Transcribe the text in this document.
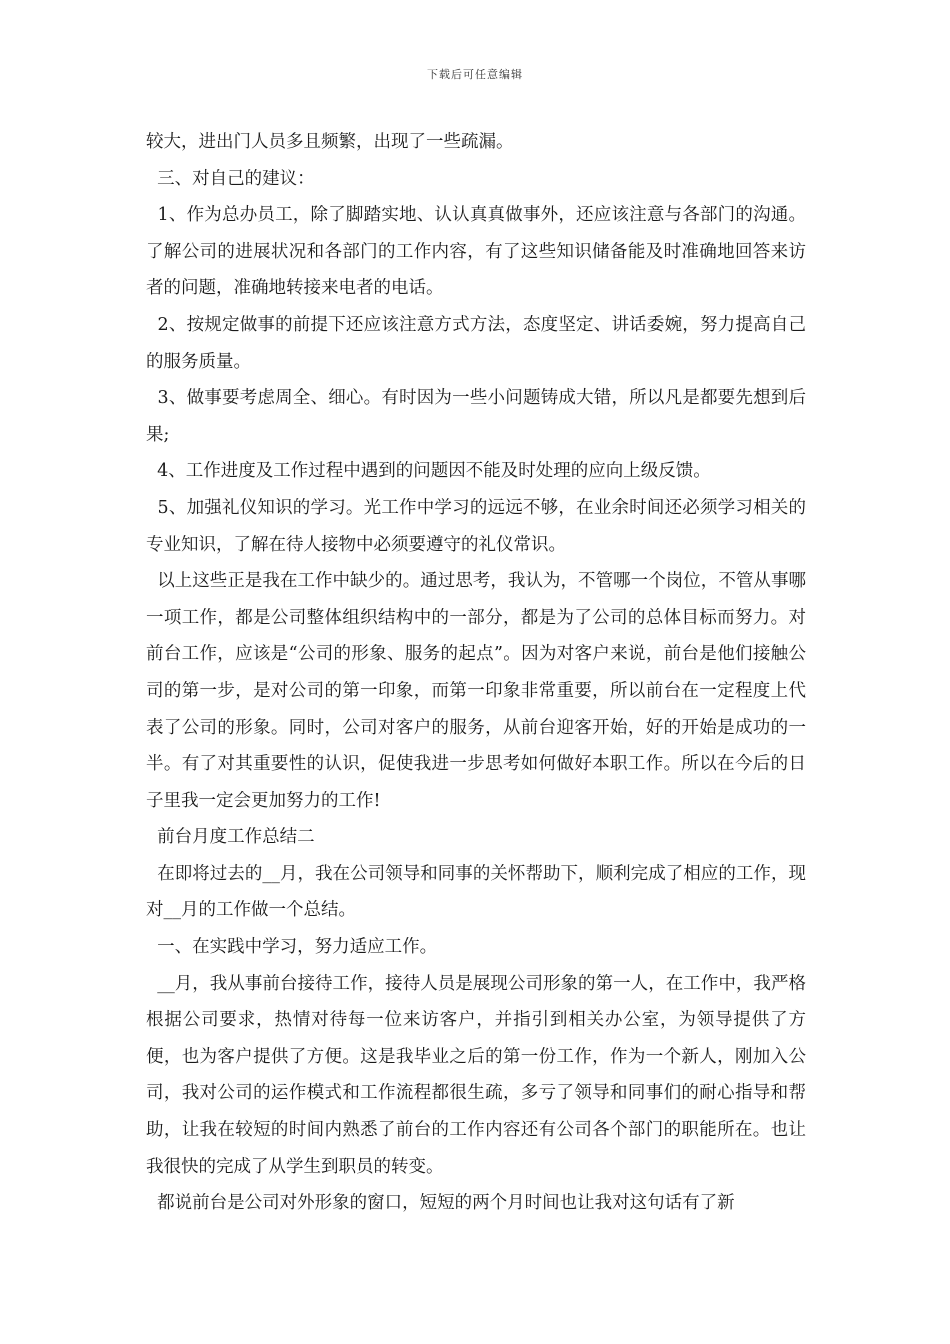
下载后可任意编辑

较大，进出门人员多且频繁，出现了一些疏漏。

三、对自己的建议：

1、作为总办员工，除了脚踏实地、认认真真做事外，还应该注意与各部门的沟通。了解公司的进展状况和各部门的工作内容，有了这些知识储备能及时准确地回答来访者的问题，准确地转接来电者的电话。

2、按规定做事的前提下还应该注意方式方法，态度坚定、讲话委婉，努力提高自己的服务质量。

3、做事要考虑周全、细心。有时因为一些小问题铸成大错，所以凡是都要先想到后果;

4、工作进度及工作过程中遇到的问题因不能及时处理的应向上级反馈。

5、加强礼仪知识的学习。光工作中学习的远远不够，在业余时间还必须学习相关的专业知识，了解在待人接物中必须要遵守的礼仪常识。

以上这些正是我在工作中缺少的。通过思考，我认为，不管哪一个岗位，不管从事哪一项工作，都是公司整体组织结构中的一部分，都是为了公司的总体目标而努力。对前台工作，应该是“公司的形象、服务的起点”。因为对客户来说，前台是他们接触公司的第一步，是对公司的第一印象，而第一印象非常重要，所以前台在一定程度上代表了公司的形象。同时，公司对客户的服务，从前台迎客开始，好的开始是成功的一半。有了对其重要性的认识，促使我进一步思考如何做好本职工作。所以在今后的日子里我一定会更加努力的工作!

前台月度工作总结二

在即将过去的__月，我在公司领导和同事的关怀帮助下，顺利完成了相应的工作，现对__月的工作做一个总结。

一、在实践中学习，努力适应工作。

__月，我从事前台接待工作，接待人员是展现公司形象的第一人，在工作中，我严格根据公司要求，热情对待每一位来访客户，并指引到相关办公室，为领导提供了方便，也为客户提供了方便。这是我毕业之后的第一份工作，作为一个新人，刚加入公司，我对公司的运作模式和工作流程都很生疏，多亏了领导和同事们的耐心指导和帮助，让我在较短的时间内熟悉了前台的工作内容还有公司各个部门的职能所在。也让我很快的完成了从学生到职员的转变。

都说前台是公司对外形象的窗口，短短的两个月时间也让我对这句话有了新
